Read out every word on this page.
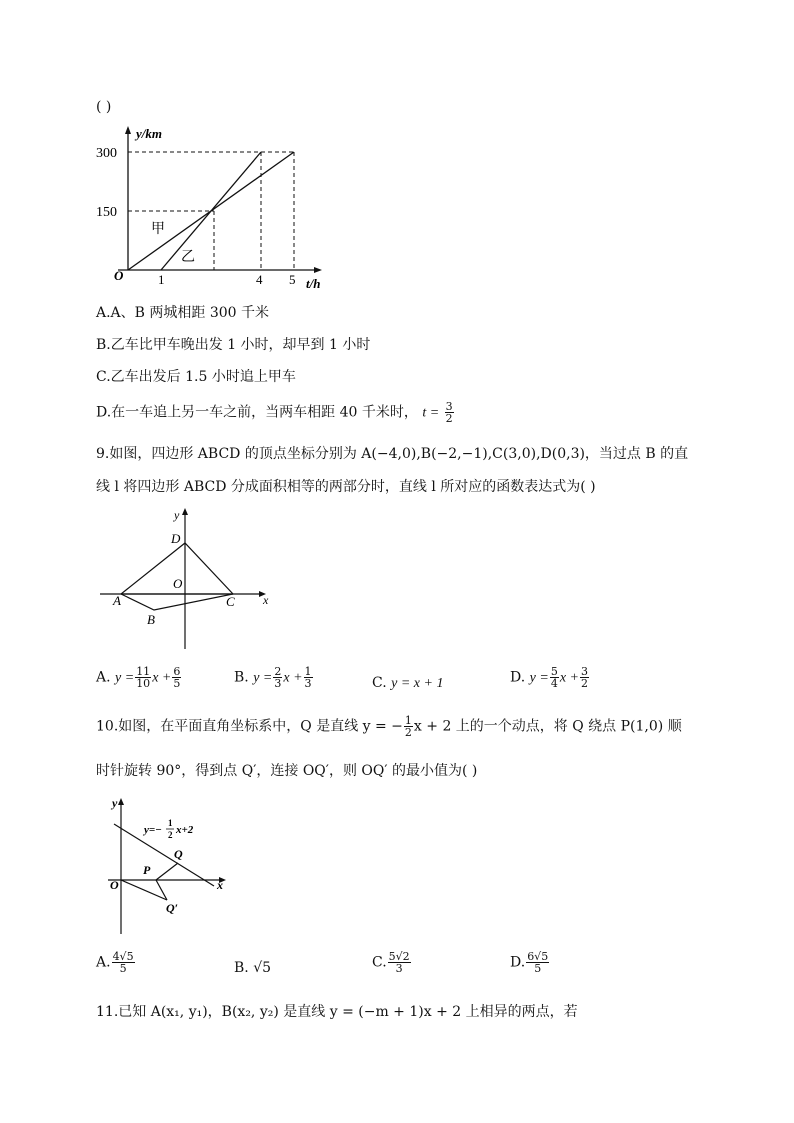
( )
y/km
t/h
O
300
150
1	4 5
甲
乙
A.A、B 两城相距 300 千米
B.乙车比甲车晚出发 1 小时，却早到 1 小时
C.乙车出发后 1.5 小时追上甲车
D.在一车追上另一车之前，当两车相距 40 千米时， $t = \frac{3}{2}$
9.如图，四边形 ABCD 的顶点坐标分别为 A(−4,0),B(−2,−1),C(3,0),D(0,3)，当过点 B 的直
线 l 将四边形 ABCD 分成面积相等的两部分时，直线 l 所对应的函数表达式为( )
y
x
D
O
A
B
C
A. $y = \frac{11}{10}$ $x + \frac{6}{5}$	B. $y = \frac{2}{3}$ $x + \frac{1}{3}$	C. y = x + 1	D. $y = \frac{5}{4}$ $x + \frac{3}{2}$
10.如图，在平面直角坐标系中，Q 是直线 y = − $\frac{1}{2}$ x + 2 上的一个动点，将 Q 绕点 P(1,0) 顺
时针旋转 90°，得到点 Q′，连接 OQ′，则 OQ′ 的最小值为( )
y
x
O
P
Q
Q′
y=−
1
2 x+2
A. $\frac{4√5}{5}$	B. √5	C. $\frac{5√2}{3}$	D. $\frac{6√5}{5}$
11.已知 A(x₁, y₁)，B(x₂, y₂) 是直线 y = (−m + 1)x + 2 上相异的两点，若
